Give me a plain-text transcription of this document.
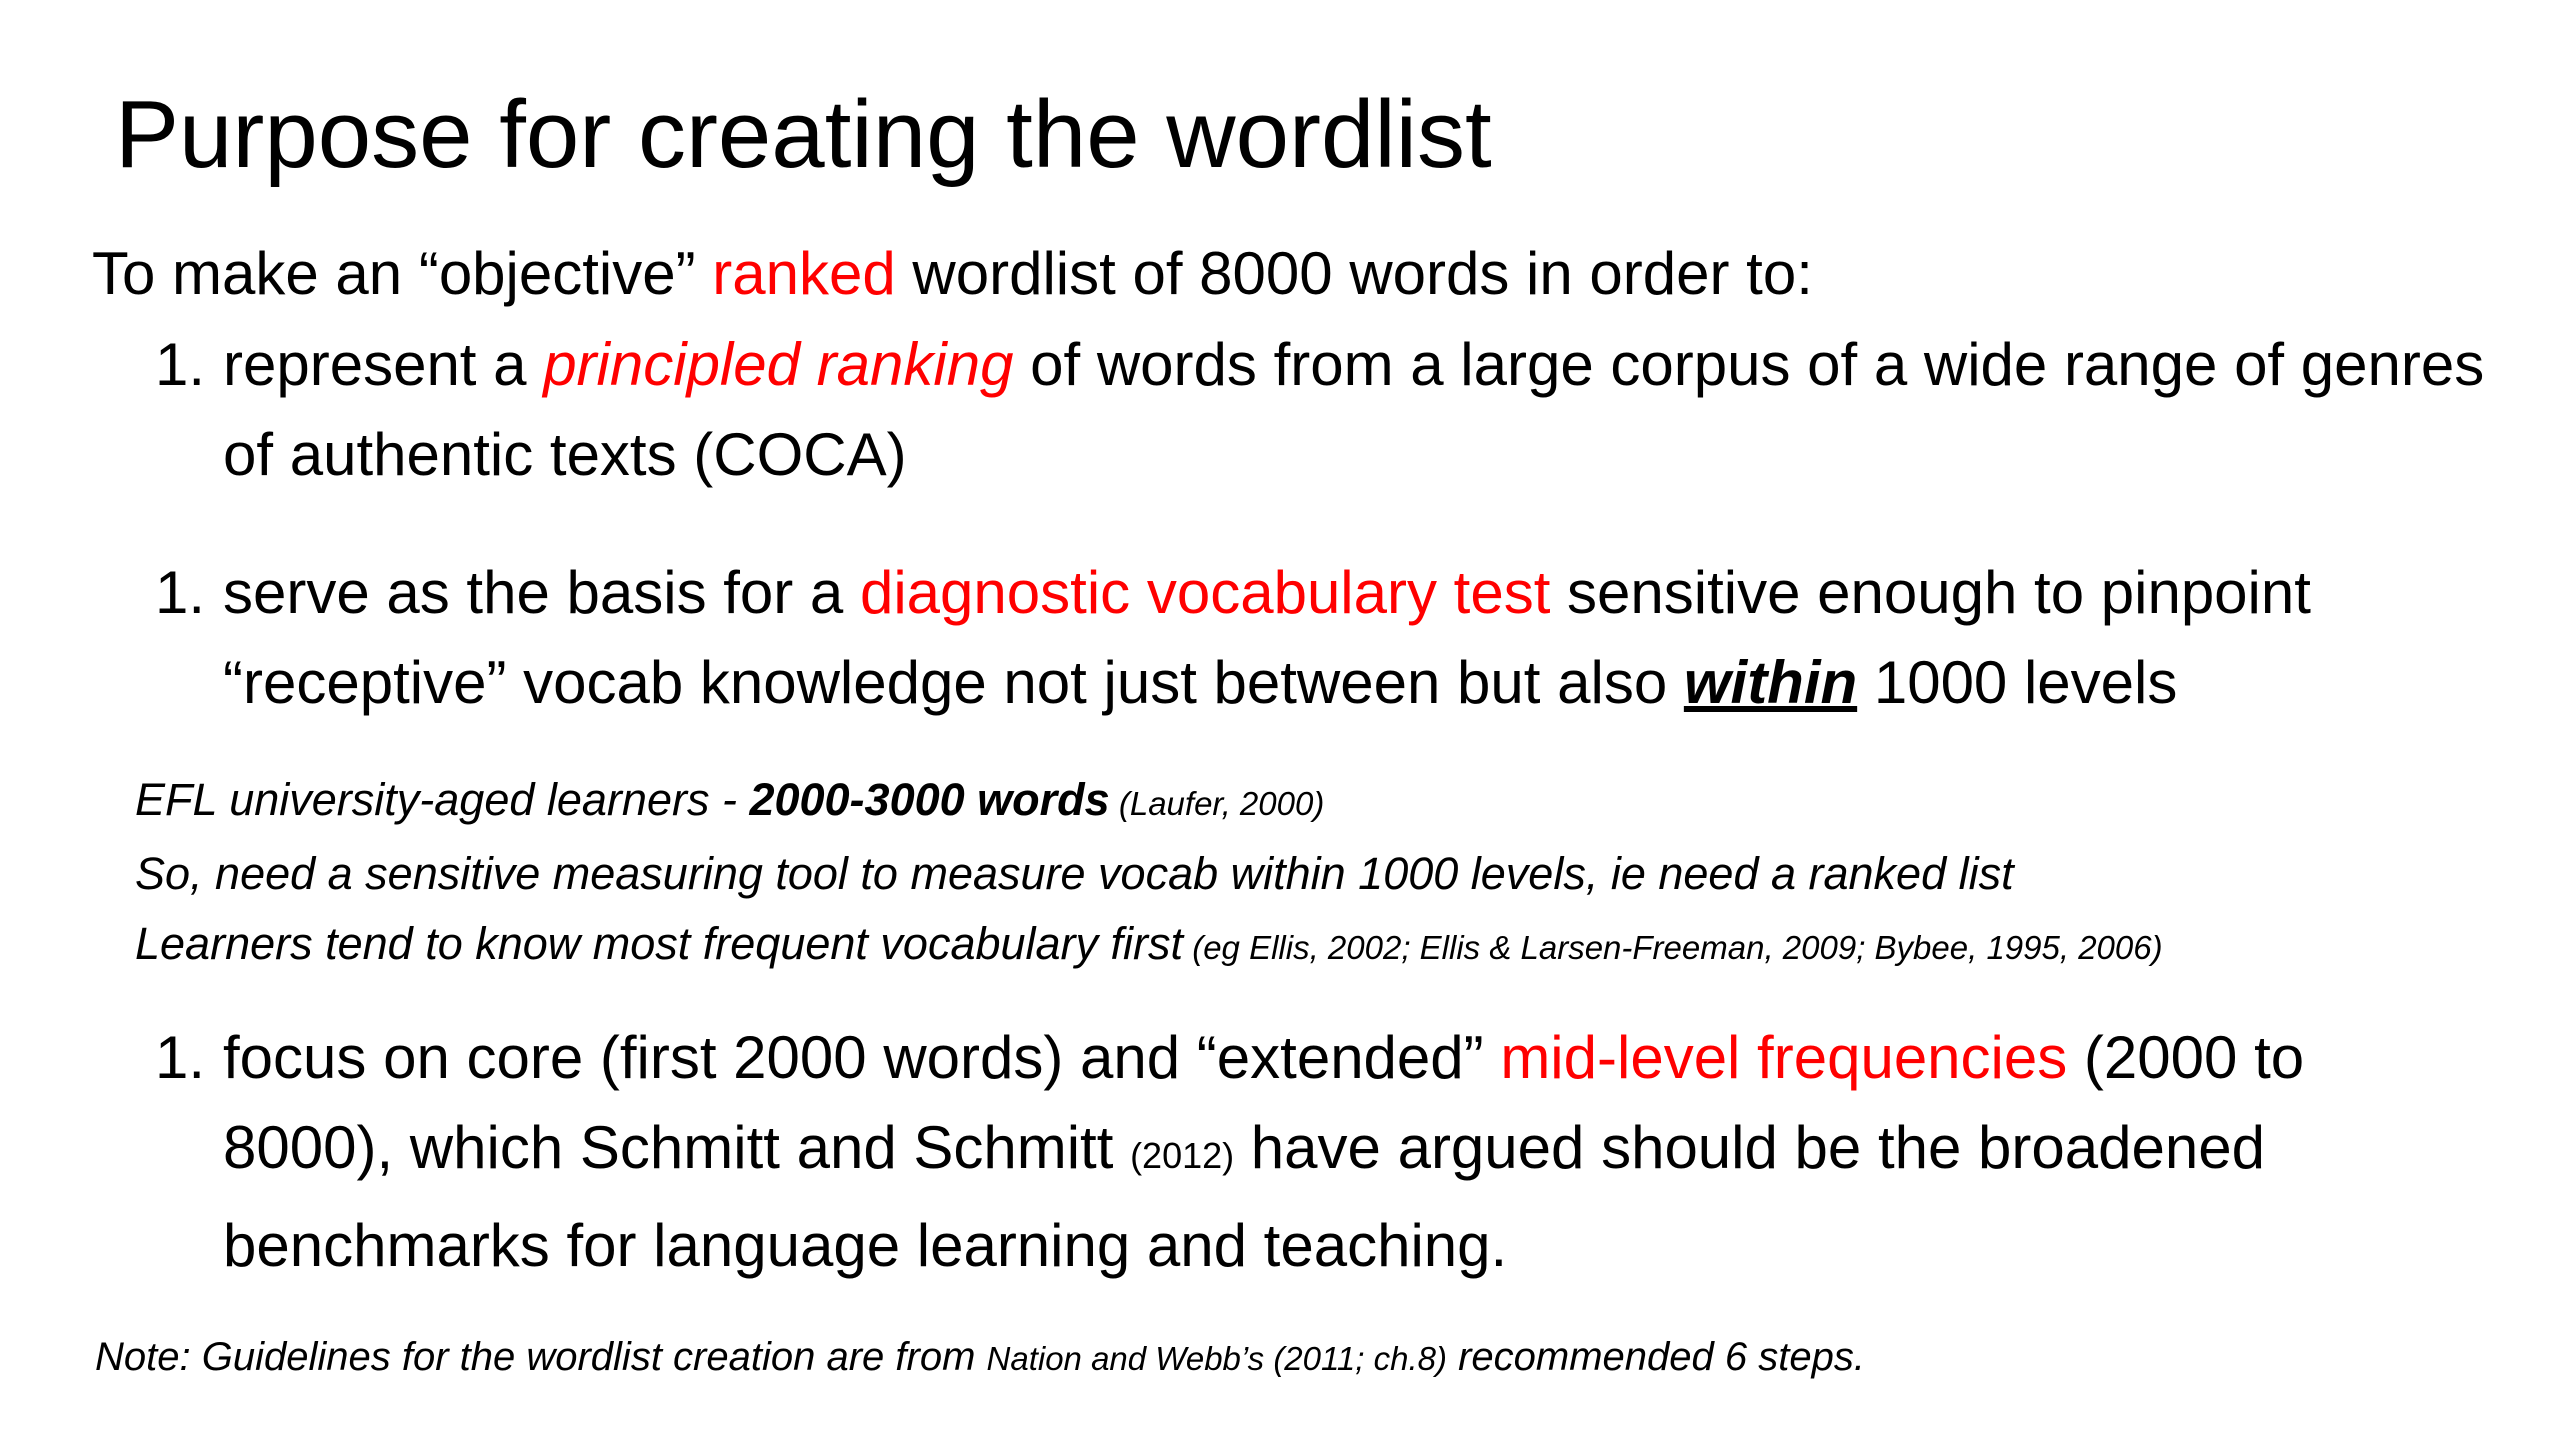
Purpose for creating the wordlist
To make an “objective” ranked wordlist of 8000 words in order to:
1. represent a principled ranking of words from a large corpus of a wide range of genres of authentic texts (COCA)
1. serve as the basis for a diagnostic vocabulary test sensitive enough to pinpoint “receptive” vocab knowledge not just between but also within 1000 levels
EFL university-aged learners - 2000-3000 words (Laufer, 2000)
So, need a sensitive measuring tool to measure vocab within 1000 levels, ie need a ranked list
Learners tend to know most frequent vocabulary first (eg Ellis, 2002; Ellis & Larsen-Freeman, 2009; Bybee, 1995, 2006)
1. focus on core (first 2000 words) and “extended” mid-level frequencies (2000 to 8000), which Schmitt and Schmitt (2012) have argued should be the broadened benchmarks for language learning and teaching.
Note: Guidelines for the wordlist creation are from Nation and Webb’s (2011; ch.8) recommended 6 steps.
